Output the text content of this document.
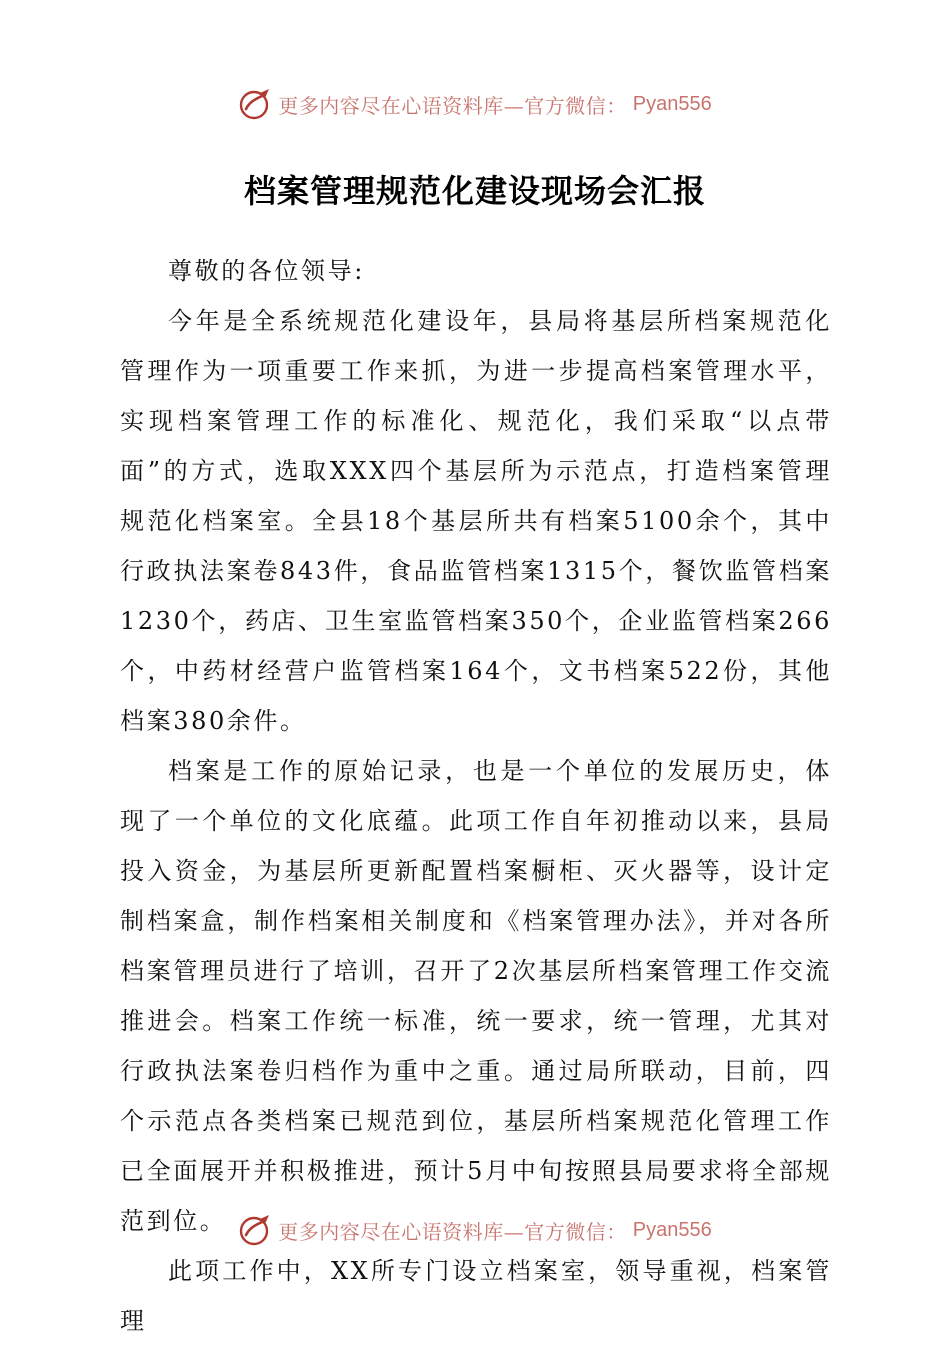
更多内容尽在心语资料库—官方微信： Pyan556
档案管理规范化建设现场会汇报

尊敬的各位领导:

今年是全系统规范化建设年，县局将基层所档案规范化管理作为一项重要工作来抓，为进一步提高档案管理水平，实现档案管理工作的标准化、规范化，我们采取“以点带面”的方式，选取XXX四个基层所为示范点，打造档案管理规范化档案室。全县18个基层所共有档案5100余个，其中行政执法案卷843件，食品监管档案1315个，餐饮监管档案1230个，药店、卫生室监管档案350个，企业监管档案266个，中药材经营户监管档案164个，文书档案522份，其他档案380余件。

档案是工作的原始记录，也是一个单位的发展历史，体现了一个单位的文化底蕴。此项工作自年初推动以来，县局投入资金，为基层所更新配置档案橱柜、灭火器等，设计定制档案盒，制作档案相关制度和《档案管理办法》，并对各所档案管理员进行了培训，召开了2次基层所档案管理工作交流推进会。档案工作统一标准，统一要求，统一管理，尤其对行政执法案卷归档作为重中之重。通过局所联动，目前，四个示范点各类档案已规范到位，基层所档案规范化管理工作已全面展开并积极推进，预计5月中旬按照县局要求将全部规范到位。

此项工作中，XX所专门设立档案室，领导重视，档案管理

更多内容尽在心语资料库—官方微信： Pyan556
